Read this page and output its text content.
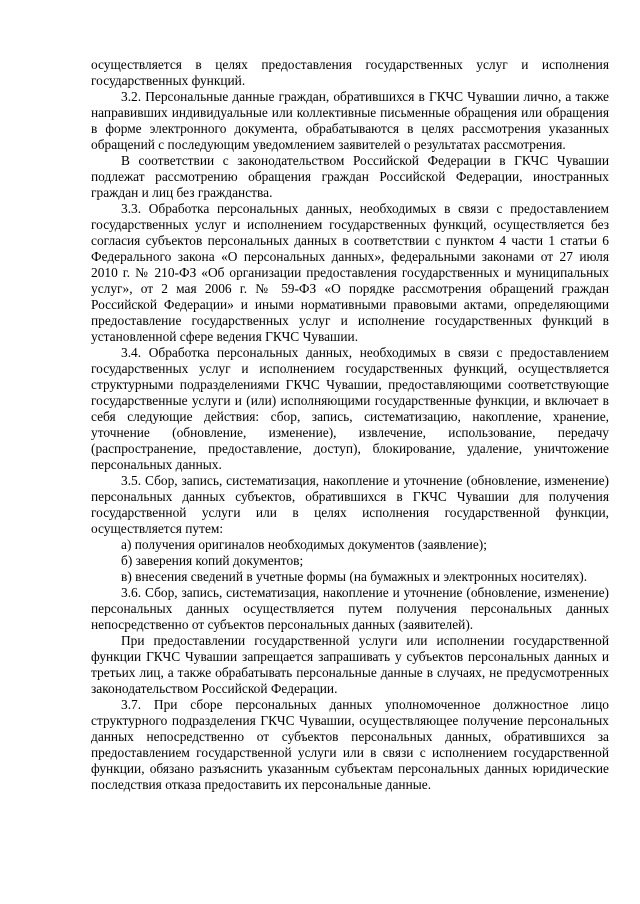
осуществляется в целях предоставления государственных услуг и исполнения государственных функций.

3.2. Персональные данные граждан, обратившихся в ГКЧС Чувашии лично, а также направивших индивидуальные или коллективные письменные обращения или обращения в форме электронного документа, обрабатываются в целях рассмотрения указанных обращений с последующим уведомлением заявителей о результатах рассмотрения.

В соответствии с законодательством Российской Федерации в ГКЧС Чувашии подлежат рассмотрению обращения граждан Российской Федерации, иностранных граждан и лиц без гражданства.

3.3. Обработка персональных данных, необходимых в связи с предоставлением государственных услуг и исполнением государственных функций, осуществляется без согласия субъектов персональных данных в соответствии с пунктом 4 части 1 статьи 6 Федерального закона «О персональных данных», федеральными законами от 27 июля 2010 г. № 210-ФЗ «Об организации предоставления государственных и муниципальных услуг», от 2 мая 2006 г. № 59-ФЗ «О порядке рассмотрения обращений граждан Российской Федерации» и иными нормативными правовыми актами, определяющими предоставление государственных услуг и исполнение государственных функций в установленной сфере ведения ГКЧС Чувашии.

3.4. Обработка персональных данных, необходимых в связи с предоставлением государственных услуг и исполнением государственных функций, осуществляется структурными подразделениями ГКЧС Чувашии, предоставляющими соответствующие государственные услуги и (или) исполняющими государственные функции, и включает в себя следующие действия: сбор, запись, систематизацию, накопление, хранение, уточнение (обновление, изменение), извлечение, использование, передачу (распространение, предоставление, доступ), блокирование, удаление, уничтожение персональных данных.

3.5. Сбор, запись, систематизация, накопление и уточнение (обновление, изменение) персональных данных субъектов, обратившихся в ГКЧС Чувашии для получения государственной услуги или в целях исполнения государственной функции, осуществляется путем:

а) получения оригиналов необходимых документов (заявление);

б) заверения копий документов;

в) внесения сведений в учетные формы (на бумажных и электронных носителях).

3.6. Сбор, запись, систематизация, накопление и уточнение (обновление, изменение) персональных данных осуществляется путем получения персональных данных непосредственно от субъектов персональных данных (заявителей).

При предоставлении государственной услуги или исполнении государственной функции ГКЧС Чувашии запрещается запрашивать у субъектов персональных данных и третьих лиц, а также обрабатывать персональные данные в случаях, не предусмотренных законодательством Российской Федерации.

3.7. При сборе персональных данных уполномоченное должностное лицо структурного подразделения ГКЧС Чувашии, осуществляющее получение персональных данных непосредственно от субъектов персональных данных, обратившихся за предоставлением государственной услуги или в связи с исполнением государственной функции, обязано разъяснить указанным субъектам персональных данных юридические последствия отказа предоставить их персональные данные.
